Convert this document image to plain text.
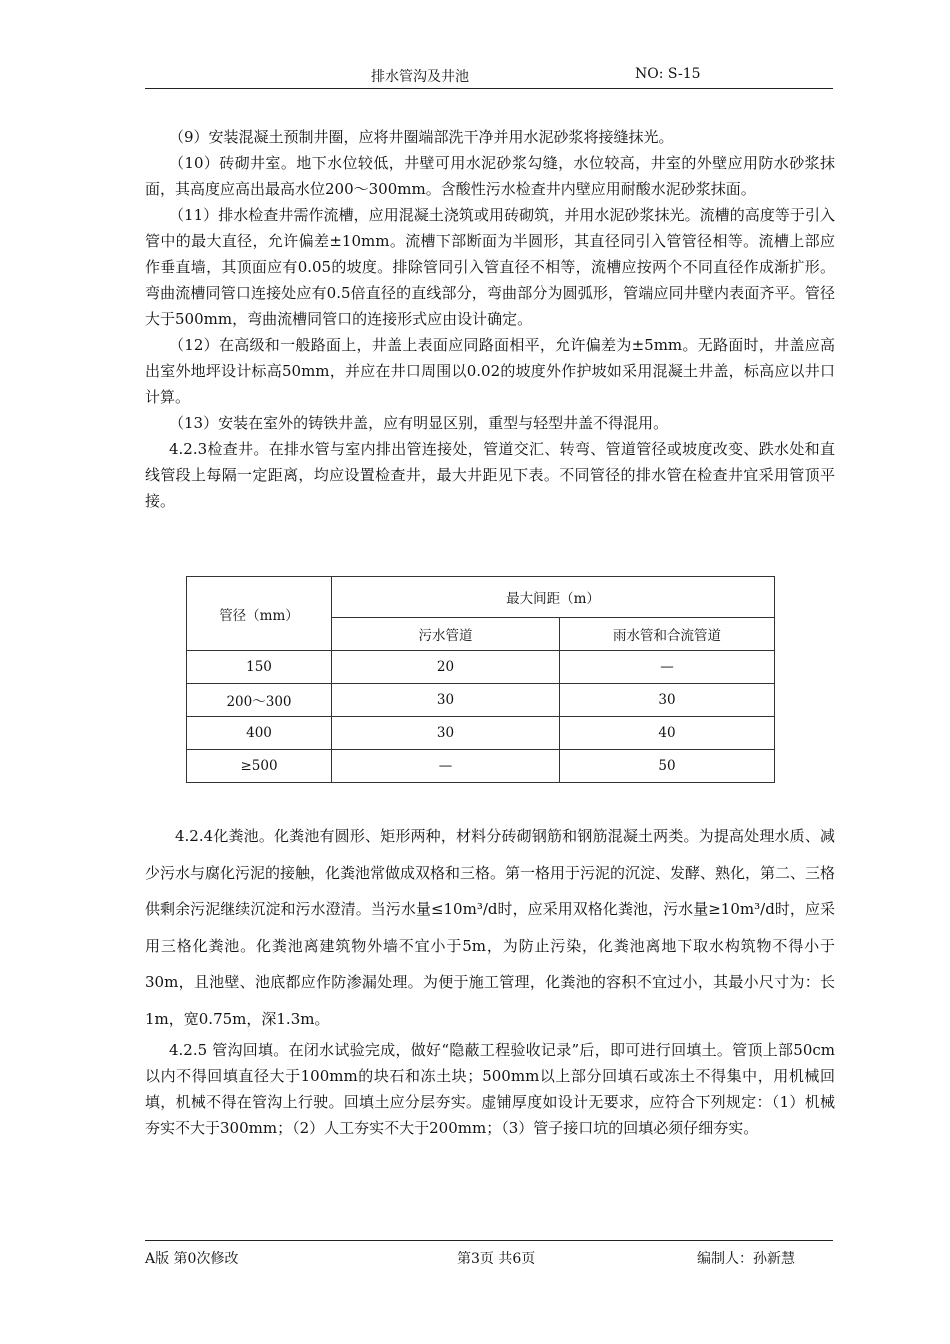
排水管沟及井池	NO: S-15

（9）安装混凝土预制井圈，应将井圈端部洗干净并用水泥砂浆将接缝抹光。

（10）砖砌井室。地下水位较低，井壁可用水泥砂浆勾缝，水位较高，井室的外壁应用防水砂浆抹面，其高度应高出最高水位200～300mm。含酸性污水检查井内壁应用耐酸水泥砂浆抹面。

（11）排水检查井需作流槽，应用混凝土浇筑或用砖砌筑，并用水泥砂浆抹光。流槽的高度等于引入管中的最大直径，允许偏差±10mm。流槽下部断面为半圆形，其直径同引入管管径相等。流槽上部应作垂直墙，其顶面应有0.05的坡度。排除管同引入管直径不相等，流槽应按两个不同直径作成渐扩形。弯曲流槽同管口连接处应有0.5倍直径的直线部分，弯曲部分为圆弧形，管端应同井壁内表面齐平。管径大于500mm，弯曲流槽同管口的连接形式应由设计确定。

（12）在高级和一般路面上，井盖上表面应同路面相平，允许偏差为±5mm。无路面时，井盖应高出室外地坪设计标高50mm，并应在井口周围以0.02的坡度外作护坡如采用混凝土井盖，标高应以井口计算。

（13）安装在室外的铸铁井盖，应有明显区别，重型与轻型井盖不得混用。

4.2.3检查井。在排水管与室内排出管连接处，管道交汇、转弯、管道管径或坡度改变、跌水处和直线管段上每隔一定距离，均应设置检查井，最大井距见下表。不同管径的排水管在检查井宜采用管顶平接。

管径（mm）	最大间距（m）	
	污水管道	雨水管和合流管道
150	20	—
200～300	30	30
400	30	40
≥500	—	50

4.2.4化粪池。化粪池有圆形、矩形两种，材料分砖砌钢筋和钢筋混凝土两类。为提高处理水质、减少污水与腐化污泥的接触，化粪池常做成双格和三格。第一格用于污泥的沉淀、发酵、熟化，第二、三格供剩余污泥继续沉淀和污水澄清。当污水量≤10m³/d时，应采用双格化粪池，污水量≥10m³/d时，应采用三格化粪池。化粪池离建筑物外墙不宜小于5m，为防止污染，化粪池离地下取水构筑物不得小于30m，且池壁、池底都应作防渗漏处理。为便于施工管理，化粪池的容积不宜过小，其最小尺寸为：长1m，宽0.75m，深1.3m。

4.2.5 管沟回填。在闭水试验完成，做好“隐蔽工程验收记录”后，即可进行回填土。管顶上部50cm以内不得回填直径大于100mm的块石和冻土块；500mm以上部分回填石或冻土不得集中，用机械回填，机械不得在管沟上行驶。回填土应分层夯实。虚铺厚度如设计无要求，应符合下列规定：（1）机械夯实不大于300mm；（2）人工夯实不大于200mm；（3）管子接口坑的回填必须仔细夯实。

A版 第0次修改	第3页 共6页	编制人：孙新慧
